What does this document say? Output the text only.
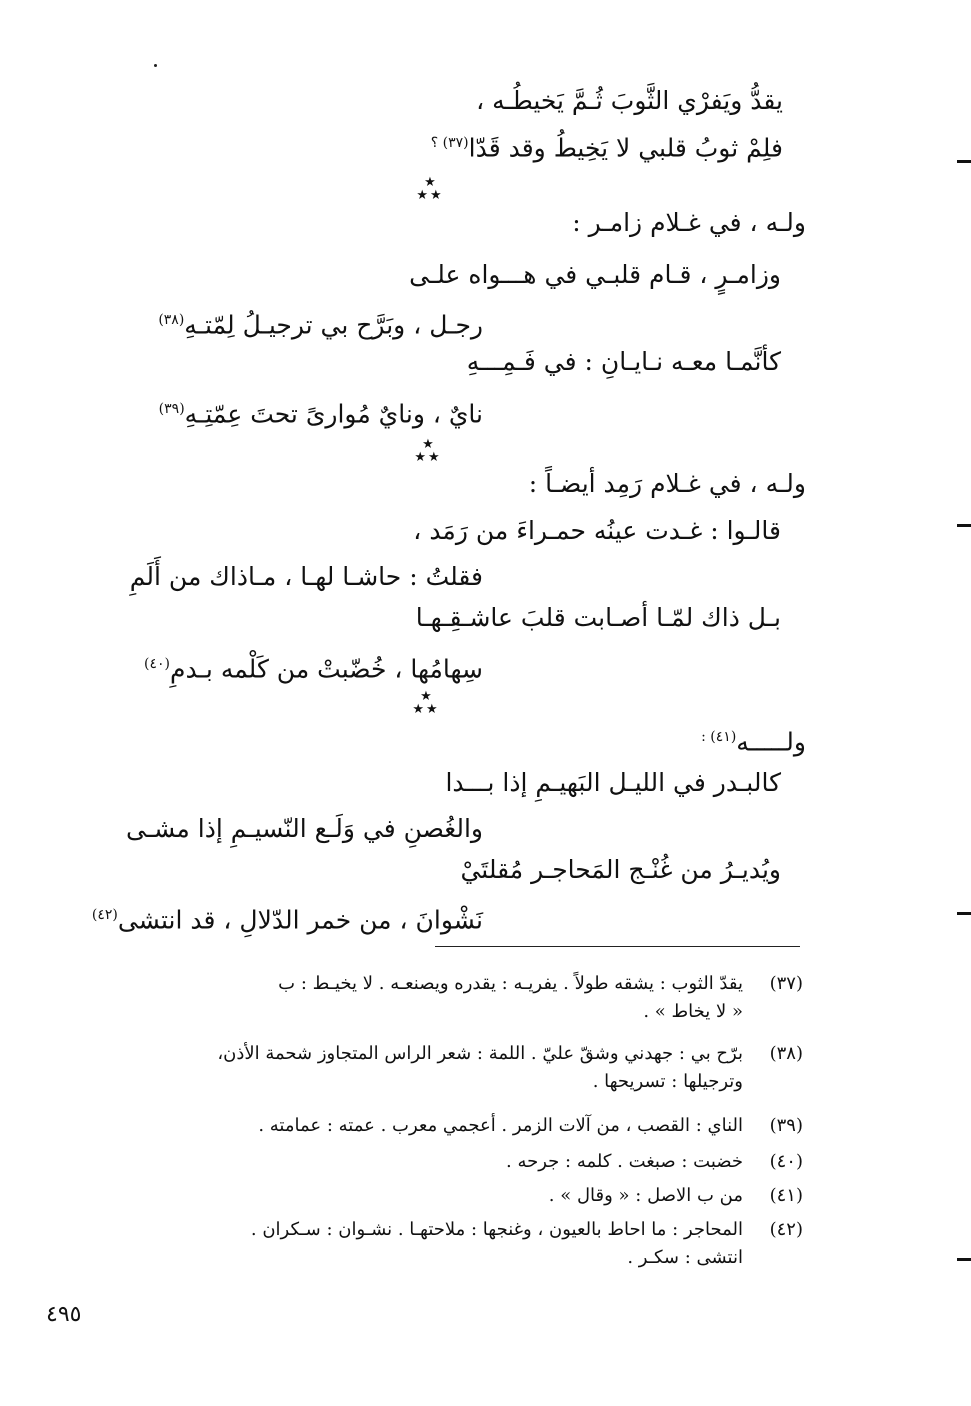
يقدُّ ويَفرْي الثَّوبَ ثُـمَّ يَخيطُـه ،
فلِمْ ثوبُ قلبي لا يَخِيطُ وقد قَدّا$^{(٣٧) ؟}$
★
★★
ولـه ، في غـلام زامـر :
وزامـرٍ ، قـام قلبـي في هـــواه علـى
رجـل ، وبَرَّح بي ترجيـلُ لِمّتـهِ$^{(٣٨)}$
كأنَّمـا معـه نـايـانِ : في فَـمِـــهِ
نايٌ ، ونايٌ مُوارىً تحتَ عِمّتِـهِ$^{(٣٩)}$
★
★★
ولـه ، في غـلام رَمِد أيضـاً :
قالـوا : غـدت عينُه حمـراءَ من رَمَد ،
فقلتُ : حاشـا لهـا ، مـاذاك من أَلَمِ
بـل ذاك لمّـا أصـابت قلبَ عاشـقِـهـا
سِهامُها ، خُضّبتْ من كَلْمه بـدمِ$^{(٤٠)}$
★
★★
ولـــــه$^{(٤١) :}$
كالبـدر في الليـل البَهيـمِ إذا بـــدا
والغُصنِ في وَلَـع النّسيـمِ إذا مشـى
ويُديـرُ من غُنْـج المَحاجـر مُقلتَيْ
نَشْوانَ ، من خمر الدّلالِ ، قد انتشى$^{(٤٢)}$
(٣٧)
يقدّ الثوب : يشقه طولاً . يفريـه : يقدره ويصنعـه . لا يخيـط : ب
« لا يخاط » .
(٣٨)
برّح بي : جهدني وشقّ عليّ . اللمة : شعر الراس المتجاوز شحمة الأذن،
وترجيلها : تسريحها .
(٣٩)
الناي : القصب ، من آلات الزمر . أعجمي معرب . عمته : عمامته .
(٤٠)
خضبت : صبغت . كلمه : جرحه .
(٤١)
من ب الاصل : « وقال » .
(٤٢)
المحاجر : ما احاط بالعيون ، وغنجها : ملاحتهـا . نشـوان : سـكران .
انتشى : سكـر .
٤٩٥
